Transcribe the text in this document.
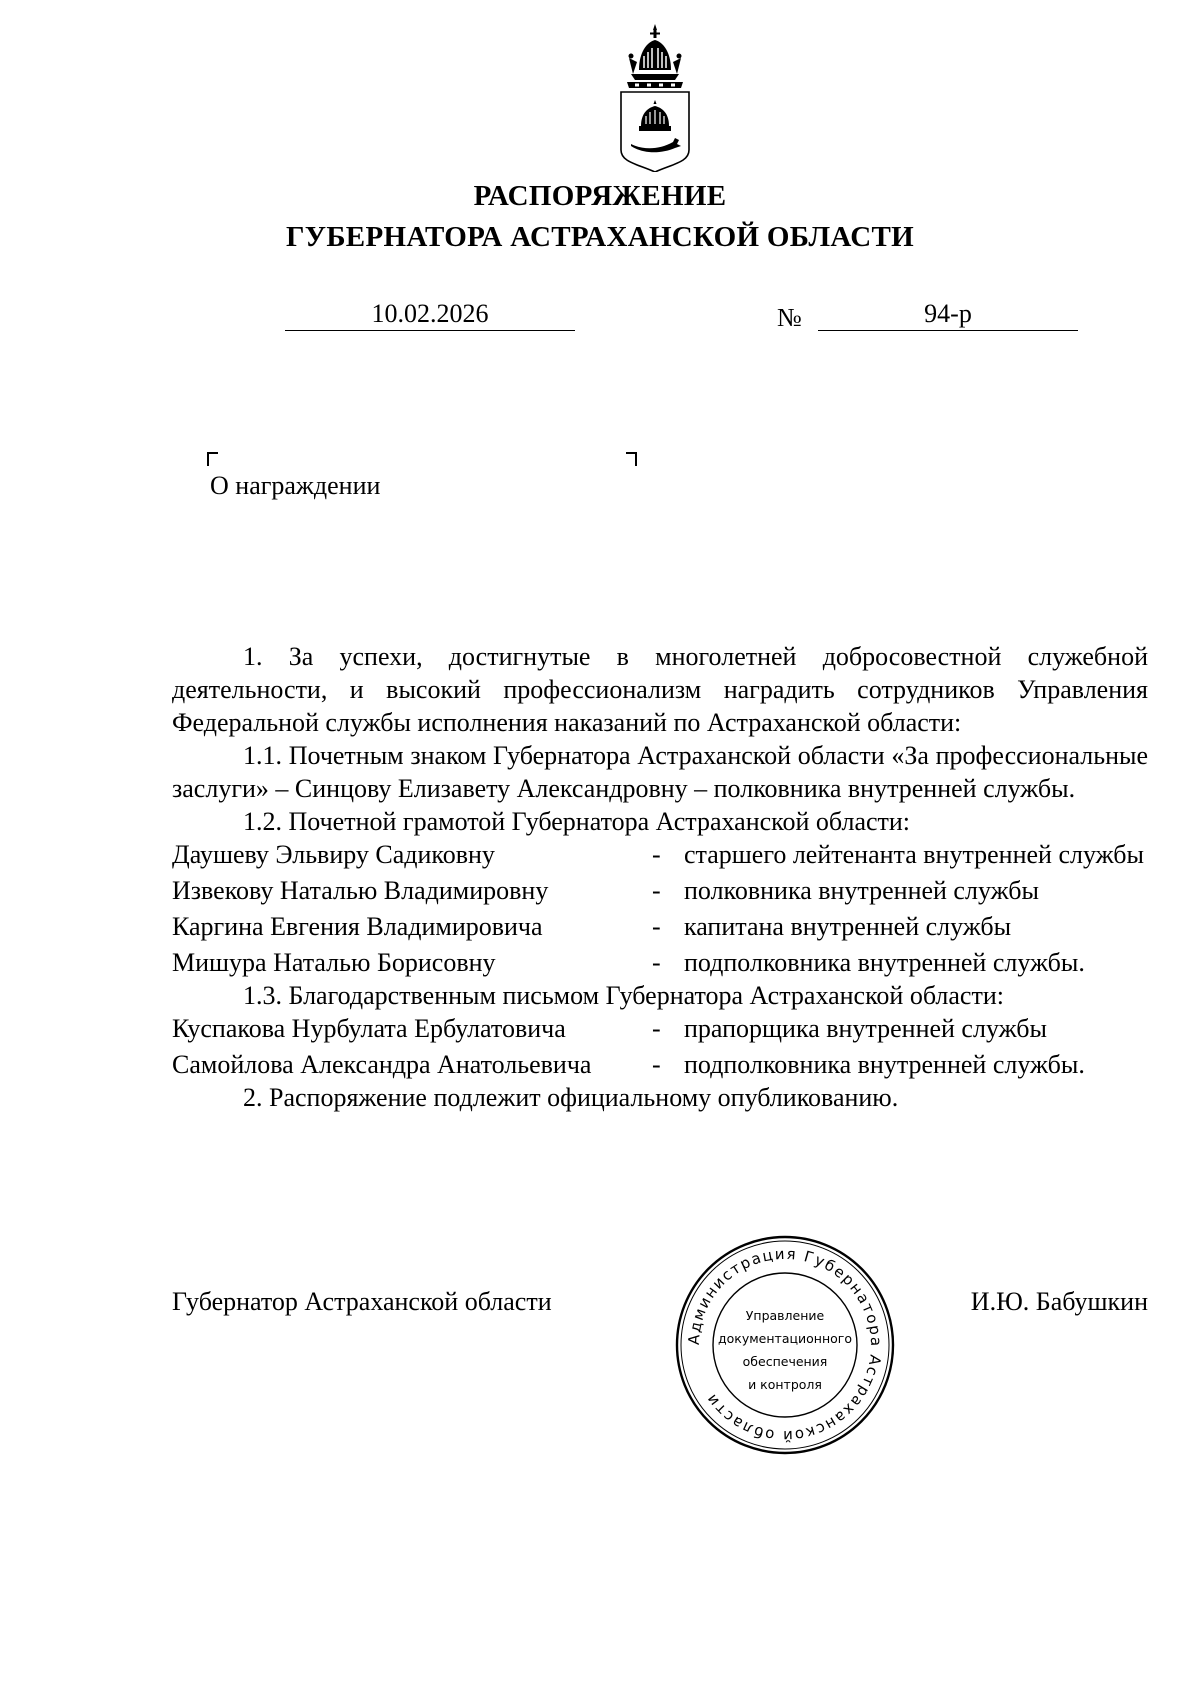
РАСПОРЯЖЕНИЕ
ГУБЕРНАТОРА АСТРАХАНСКОЙ ОБЛАСТИ
10.02.2026	№	94-р
О награждении

1. За успехи, достигнутые в многолетней добросовестной служебной деятельности, и высокий профессионализм наградить сотрудников Управления Федеральной службы исполнения наказаний по Астраханской области:

1.1. Почетным знаком Губернатора Астраханской области «За профессиональные заслуги» – Синцову Елизавету Александровну – полковника внутренней службы.

1.2. Почетной грамотой Губернатора Астраханской области:

Даушеву Эльвиру Садиковну	- старшего лейтенанта внутренней службы
Извекову Наталью Владимировну	- полковника внутренней службы
Каргина Евгения Владимировича	- капитана внутренней службы
Мишура Наталью Борисовну	- подполковника внутренней службы.

1.3. Благодарственным письмом Губернатора Астраханской области:

Куспакова Нурбулата Ербулатовича	- прапорщика внутренней службы
Самойлова Александра Анатольевича	- подполковника внутренней службы.

2. Распоряжение подлежит официальному опубликованию.

Губернатор Астраханской области	И.Ю. Бабушкин
Администрация Губернатора Астраханской области
Управление
документационного
обеспечения
и контроля
